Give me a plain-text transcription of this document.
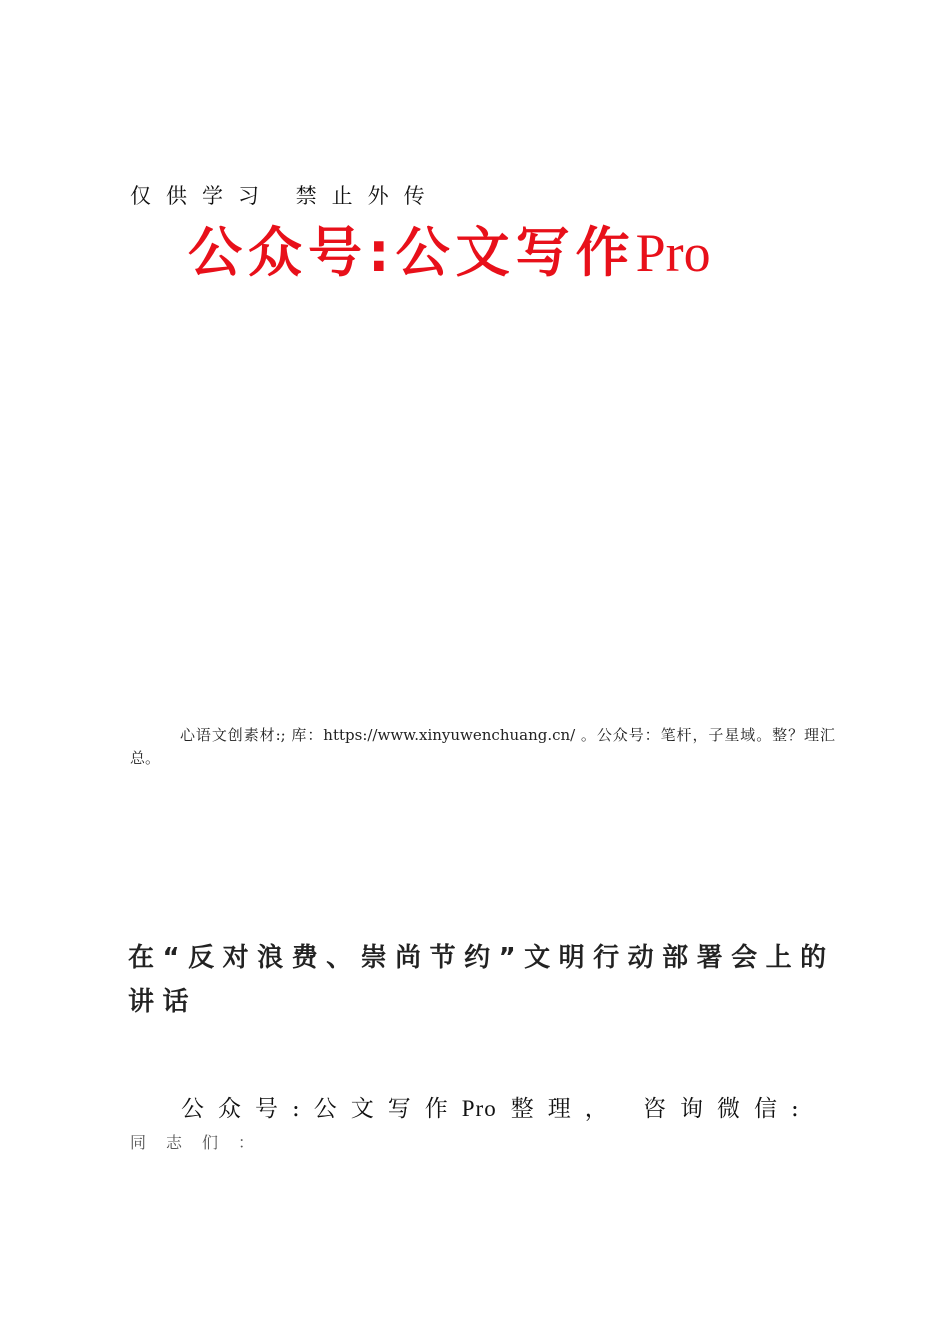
仅供学习 禁止外传
公众号:公文写作Pro
心语文创素材:; 库：https://www.xinyuwenchuang.cn/ 。公众号：笔杆，子星域。整？理汇总。
在“反对浪费、崇尚节约”文明行动部署会上的讲话
公众号:公文写作Pro 整理， 咨询微信:
同志们：
